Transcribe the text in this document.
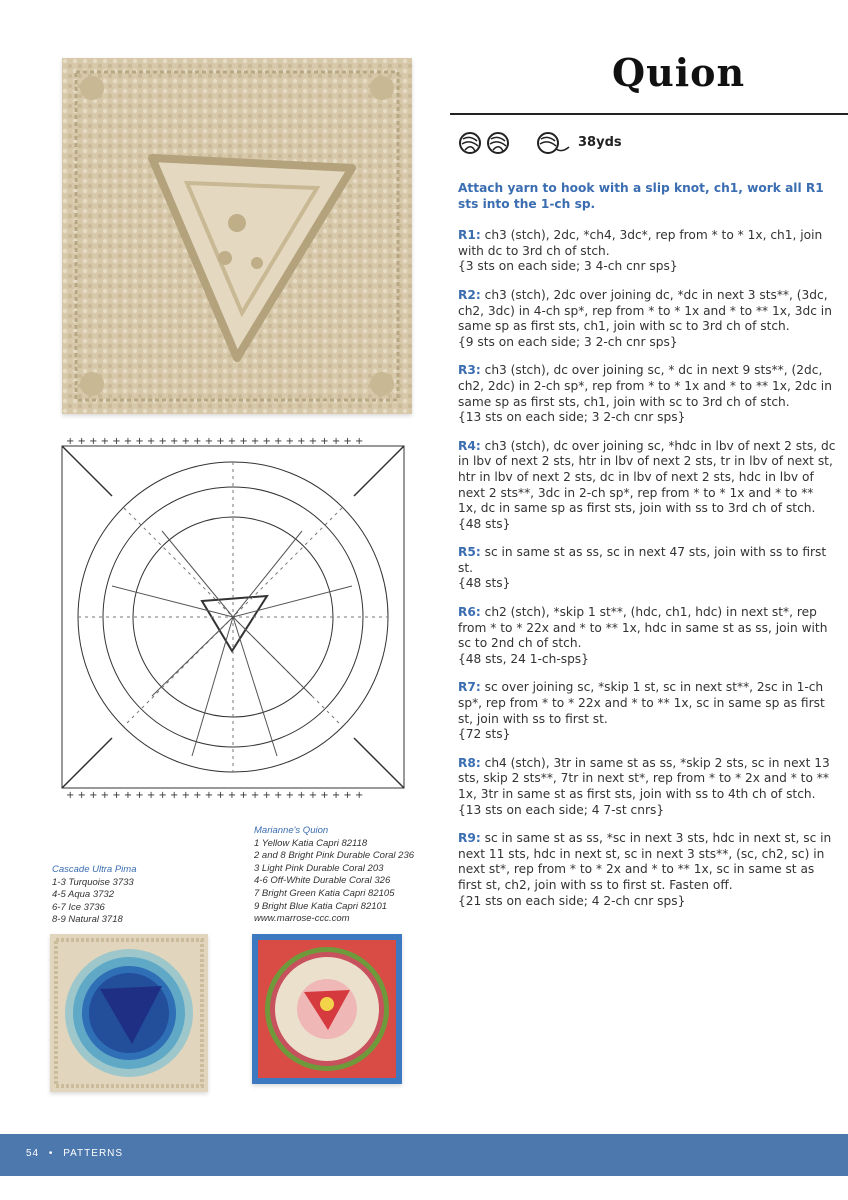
+ + + + + + + + + + + + + + + + + + + + + + + + + +
+ + + + + + + + + + + + + + + + + + + + + + + + + +
Quion
38yds

Attach yarn to hook with a slip knot, ch1, work all R1 sts into the 1-ch sp.

R1: ch3 (stch), 2dc, *ch4, 3dc*, rep from * to * 1x, ch1, join with dc to 3rd ch of stch.
{3 sts on each side; 3 4-ch cnr sps}

R2: ch3 (stch), 2dc over joining dc, *dc in next 3 sts**, (3dc, ch2, 3dc) in 4-ch sp*, rep from * to * 1x and * to ** 1x, 3dc in same sp as first sts, ch1, join with sc to 3rd ch of stch.
{9 sts on each side; 3 2-ch cnr sps}

R3: ch3 (stch), dc over joining sc, * dc in next 9 sts**, (2dc, ch2, 2dc) in 2-ch sp*, rep from * to * 1x and * to ** 1x, 2dc in same sp as first sts, ch1, join with sc to 3rd ch of stch.
{13 sts on each side; 3 2-ch cnr sps}

R4: ch3 (stch), dc over joining sc, *hdc in lbv of next 2 sts, dc in lbv of next 2 sts, htr in lbv of next 2 sts, tr in lbv of next st, htr in lbv of next 2 sts, dc in lbv of next 2 sts, hdc in lbv of next 2 sts**, 3dc in 2-ch sp*, rep from * to * 1x and * to ** 1x, dc in same sp as first sts, join with ss to 3rd ch of stch.
{48 sts}

R5: sc in same st as ss, sc in next 47 sts, join with ss to first st.
{48 sts}

R6: ch2 (stch), *skip 1 st**, (hdc, ch1, hdc) in next st*, rep from * to * 22x and * to ** 1x, hdc in same st as ss, join with sc to 2nd ch of stch.
{48 sts, 24 1-ch-sps}

R7: sc over joining sc, *skip 1 st, sc in next st**, 2sc in 1-ch sp*, rep from * to * 22x and * to ** 1x, sc in same sp as first st, join with ss to first st.
{72 sts}

R8: ch4 (stch), 3tr in same st as ss, *skip 2 sts, sc in next 13 sts, skip 2 sts**, 7tr in next st*, rep from * to * 2x and * to ** 1x, 3tr in same st as first sts, join with ss to 4th ch of stch.
{13 sts on each side; 4 7-st cnrs}

R9: sc in same st as ss, *sc in next 3 sts, hdc in next st, sc in next 11 sts, hdc in next st, sc in next 3 sts**, (sc, ch2, sc) in next st*, rep from * to * 2x and * to ** 1x, sc in same st as first st, ch2, join with ss to first st. Fasten off.
{21 sts on each side; 4 2-ch cnr sps}

Cascade Ultra Pima
1-3 Turquoise 3733
4-5 Aqua 3732
6-7 Ice 3736
8-9 Natural 3718
Marianne's Quion
1 Yellow Katia Capri 82118
2 and 8 Bright Pink Durable Coral 236
3 Light Pink Durable Coral 203
4-6 Off-White Durable Coral 326
7 Bright Green Katia Capri 82105
9 Bright Blue Katia Capri 82101
www.marrose-ccc.com
54 • PATTERNS
